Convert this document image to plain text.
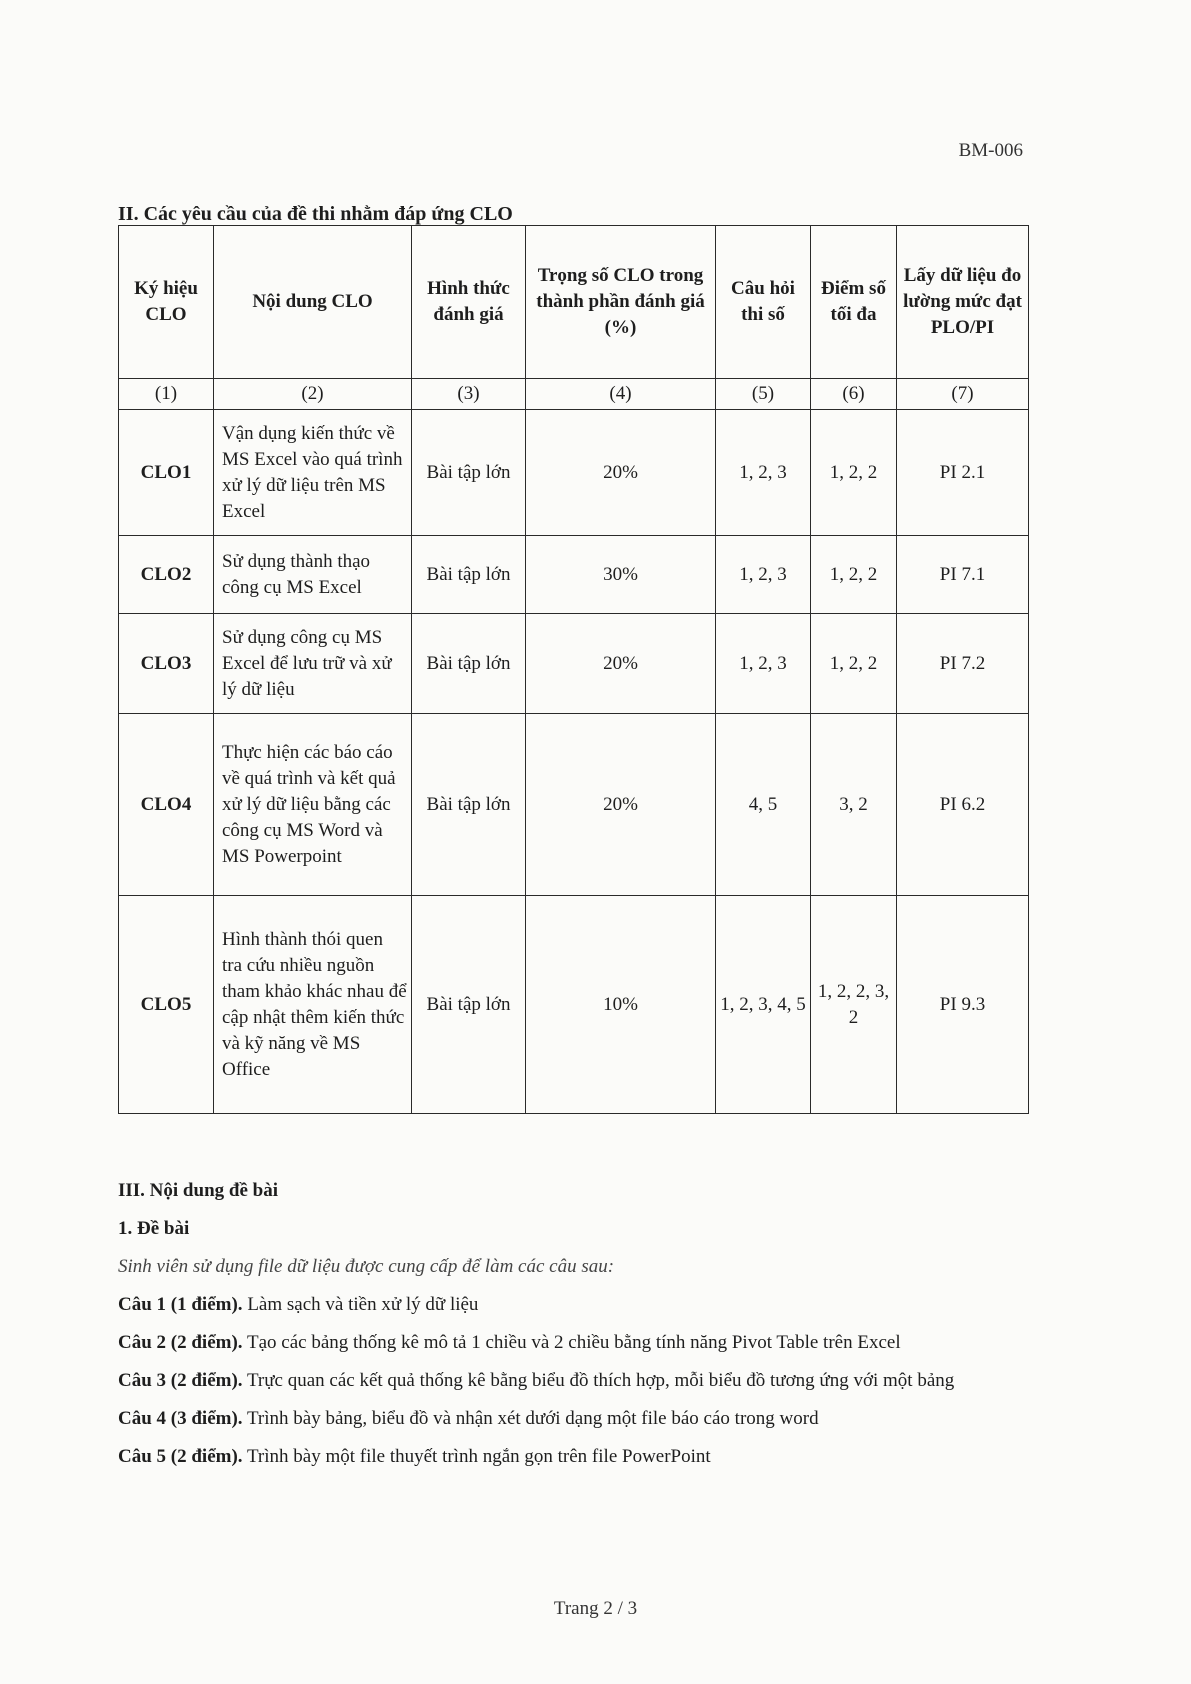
BM-006
II. Các yêu cầu của đề thi nhằm đáp ứng CLO
Ký hiệu CLO	Nội dung CLO	Hình thức đánh giá	Trọng số CLO trong thành phần đánh giá (%)	Câu hỏi thi số	Điểm số tối đa	Lấy dữ liệu đo lường mức đạt PLO/PI
(1)	(2)	(3)	(4)	(5)	(6)	(7)
CLO1	Vận dụng kiến thức về MS Excel vào quá trình xử lý dữ liệu trên MS Excel	Bài tập lớn	20%	1, 2, 3	1, 2, 2	PI 2.1
CLO2	Sử dụng thành thạo công cụ MS Excel	Bài tập lớn	30%	1, 2, 3	1, 2, 2	PI 7.1
CLO3	Sử dụng công cụ MS Excel để lưu trữ và xử lý dữ liệu	Bài tập lớn	20%	1, 2, 3	1, 2, 2	PI 7.2
CLO4	Thực hiện các báo cáo về quá trình và kết quả xử lý dữ liệu bằng các công cụ MS Word và MS Powerpoint	Bài tập lớn	20%	4, 5	3, 2	PI 6.2
CLO5	Hình thành thói quen tra cứu nhiều nguồn tham khảo khác nhau để cập nhật thêm kiến thức và kỹ năng về MS Office	Bài tập lớn	10%	1, 2, 3, 4, 5	1, 2, 2, 3, 2	PI 9.3

III. Nội dung đề bài

1. Đề bài

Sinh viên sử dụng file dữ liệu được cung cấp để làm các câu sau:

Câu 1 (1 điểm). Làm sạch và tiền xử lý dữ liệu

Câu 2 (2 điểm). Tạo các bảng thống kê mô tả 1 chiều và 2 chiều bằng tính năng Pivot Table trên Excel

Câu 3 (2 điểm). Trực quan các kết quả thống kê bằng biểu đồ thích hợp, mỗi biểu đồ tương ứng với một bảng

Câu 4 (3 điểm). Trình bày bảng, biểu đồ và nhận xét dưới dạng một file báo cáo trong word

Câu 5 (2 điểm). Trình bày một file thuyết trình ngắn gọn trên file PowerPoint

Trang 2 / 3
